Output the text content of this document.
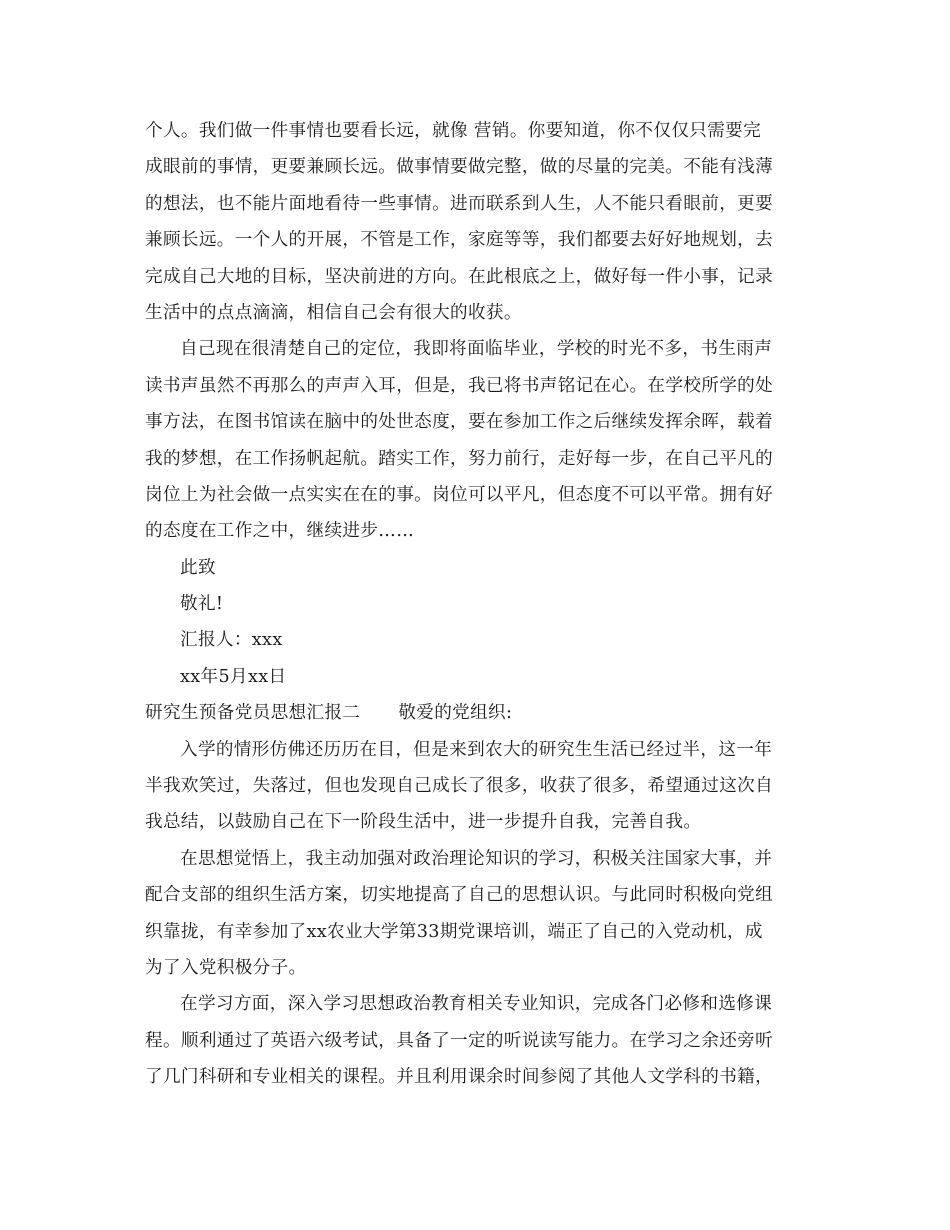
个人。我们做一件事情也要看长远，就像 营销。你要知道，你不仅仅只需要完
成眼前的事情，更要兼顾长远。做事情要做完整，做的尽量的完美。不能有浅薄
的想法，也不能片面地看待一些事情。进而联系到人生，人不能只看眼前，更要
兼顾长远。一个人的开展，不管是工作，家庭等等，我们都要去好好地规划，去
完成自己大地的目标，坚决前进的方向。在此根底之上，做好每一件小事，记录
生活中的点点滴滴，相信自己会有很大的收获。
自己现在很清楚自己的定位，我即将面临毕业，学校的时光不多，书生雨声
读书声虽然不再那么的声声入耳，但是，我已将书声铭记在心。在学校所学的处
事方法，在图书馆读在脑中的处世态度，要在参加工作之后继续发挥余晖，载着
我的梦想，在工作扬帆起航。踏实工作，努力前行，走好每一步，在自己平凡的
岗位上为社会做一点实实在在的事。岗位可以平凡，但态度不可以平常。拥有好
的态度在工作之中，继续进步……
此致
敬礼!
汇报人：xxx
xx年5月xx日
研究生预备党员思想汇报二 敬爱的党组织:
入学的情形仿佛还历历在目，但是来到农大的研究生生活已经过半，这一年
半我欢笑过，失落过，但也发现自己成长了很多，收获了很多，希望通过这次自
我总结，以鼓励自己在下一阶段生活中，进一步提升自我，完善自我。
在思想觉悟上，我主动加强对政治理论知识的学习，积极关注国家大事，并
配合支部的组织生活方案，切实地提高了自己的思想认识。与此同时积极向党组
织靠拢，有幸参加了xx农业大学第33期党课培训，端正了自己的入党动机，成
为了入党积极分子。
在学习方面，深入学习思想政治教育相关专业知识，完成各门必修和选修课
程。顺利通过了英语六级考试，具备了一定的听说读写能力。在学习之余还旁听
了几门科研和专业相关的课程。并且利用课余时间参阅了其他人文学科的书籍，
